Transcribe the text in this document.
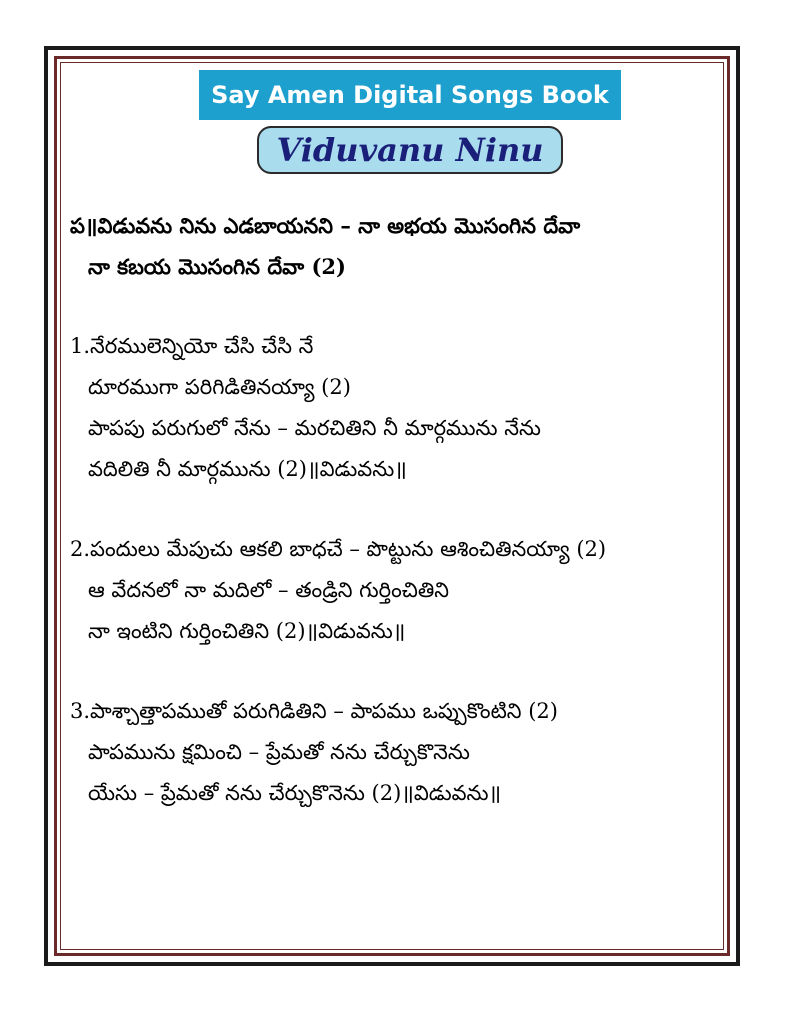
Say Amen Digital Songs Book
Viduvanu Ninu
ప॥విడువను నిను ఎడబాయనని – నా అభయ మొసంగిన దేవా
నా కబయ మొసంగిన దేవా (2)
1.నేరములెన్నియో చేసి చేసి నే
దూరముగా పరిగిడితినయ్యా (2)
పాపపు పరుగులో నేను – మరచితిని నీ మార్గమును నేను
వదిలితి నీ మార్గమును (2)॥విడువను॥
2.పందులు మేపుచు ఆకలి బాధచే – పొట్టును ఆశించితినయ్యా (2)
ఆ వేదనలో నా మదిలో – తండ్రిని గుర్తించితిని
నా ఇంటిని గుర్తించితిని (2)॥విడువను॥
3.పాశ్చాత్తాపముతో పరుగిడితిని – పాపము ఒప్పుకొంటిని (2)
పాపమును క్షమించి – ప్రేమతో నను చేర్చుకొనెను
యేసు – ప్రేమతో నను చేర్చుకొనెను (2)॥విడువను॥
